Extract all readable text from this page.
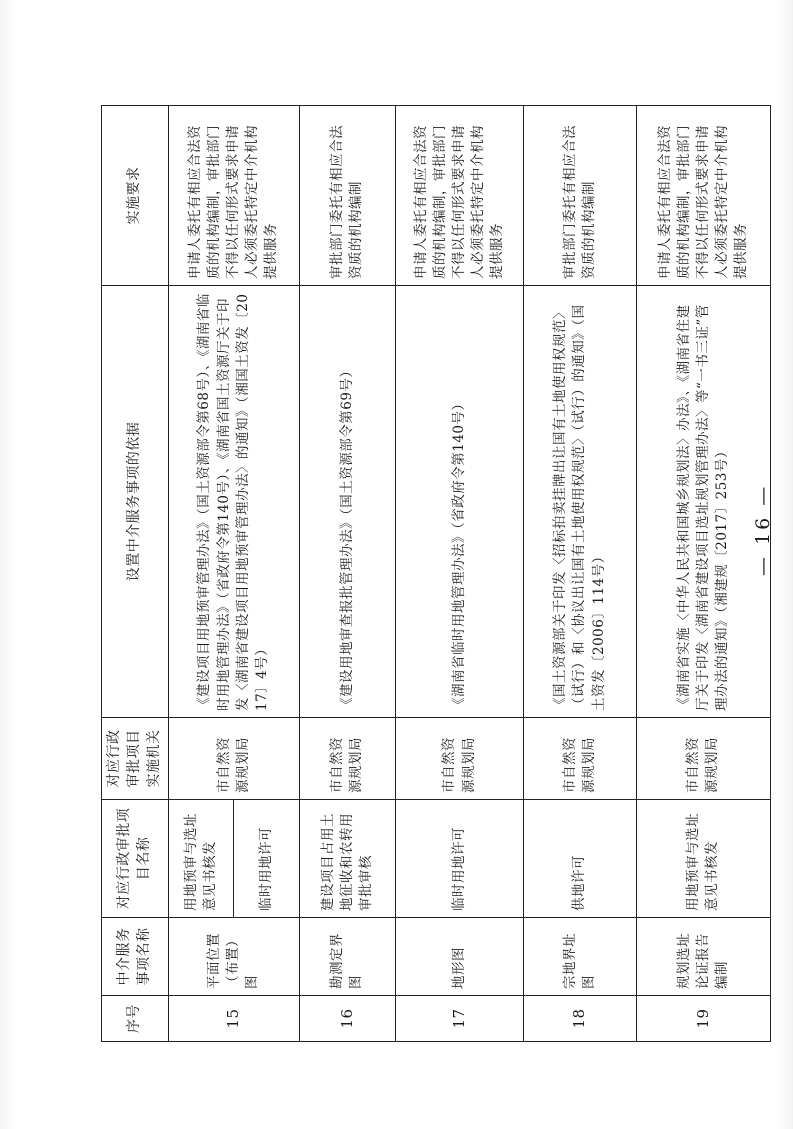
序号	中介服务事项名称	对应行政审批项目名称	对应行政审批项目实施机关	设置中介服务事项的依据	实施要求
15	平面位置（布置）图	用地预审与选址意见书核发	市自然资源规划局	《建设项目用地预审管理办法》（国土资源部令第68号）、《湖南省临时用地管理办法》（省政府令第140号）、《湖南省国土资源厅关于印发〈湖南省建设项目用地预审管理办法〉的通知》（湘国土资发〔2017〕4号）	申请人委托有相应合法资质的机构编制，审批部门不得以任何形式要求申请人必须委托特定中介机构提供服务
		临时用地许可			
16	勘测定界图	建设项目占用土地征收和农转用审批审核	市自然资源规划局	《建设用地审查报批管理办法》（国土资源部令第69号）	审批部门委托有相应合法资质的机构编制
17	地形图	临时用地许可	市自然资源规划局	《湖南省临时用地管理办法》（省政府令第140号）	申请人委托有相应合法资质的机构编制，审批部门不得以任何形式要求申请人必须委托特定中介机构提供服务
18	宗地界址图	供地许可	市自然资源规划局	《国土资源部关于印发〈招标拍卖挂牌出让国有土地使用权规范〉（试行）和〈协议出让国有土地使用权规范〉（试行）的通知》（国土资发〔2006〕114号）	审批部门委托有相应合法资质的机构编制
19	规划选址论证报告编制	用地预审与选址意见书核发	市自然资源规划局	《湖南省实施〈中华人民共和国城乡规划法〉办法》、《湖南省住建厅关于印发〈湖南省建设项目选址规划管理办法〉等“一书三证”管理办法的通知》（湘建规〔2017〕253号）	申请人委托有相应合法资质的机构编制，审批部门不得以任何形式要求申请人必须委托特定中介机构提供服务
— 16 —
